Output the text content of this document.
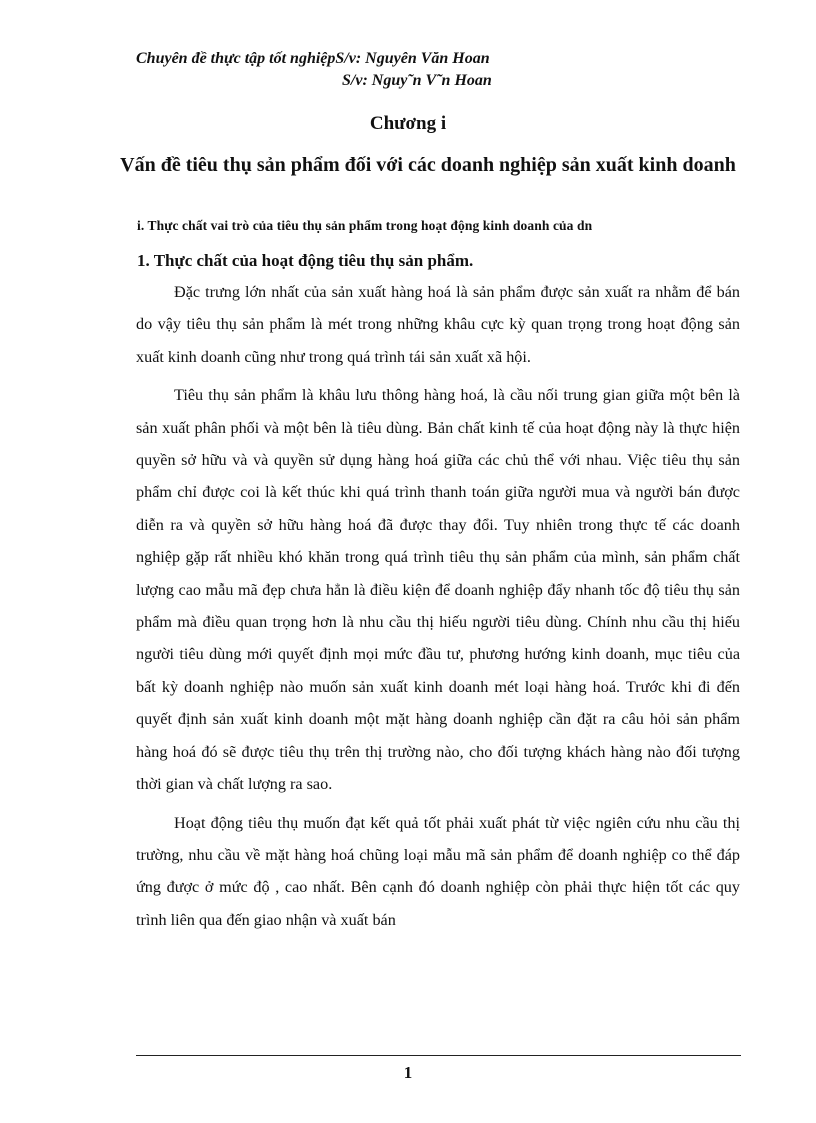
Chuyên đề thực tập tốt nghiệpS/v: Nguyên Văn Hoan
S/v: Nguy˜n V˜n Hoan
Chương i
Vấn đề tiêu thụ sản phẩm đối với các doanh nghiệp sản xuất kinh doanh
i. Thực chất vai trò của tiêu thụ sản phẩm trong hoạt động kinh doanh của dn
1. Thực chất của hoạt động tiêu thụ sản phẩm.

Đặc trưng lớn nhất của sản xuất hàng hoá là sản phẩm được sản xuất ra nhằm để bán do vậy tiêu thụ sản phẩm là mét trong những khâu cực kỳ quan trọng trong hoạt động sản xuất kinh doanh cũng như trong quá trình tái sản xuất xã hội.

Tiêu thụ sản phẩm là khâu lưu thông hàng hoá, là cầu nối trung gian giữa một bên là sản xuất phân phối và một bên là tiêu dùng. Bản chất kinh tế của hoạt động này là thực hiện quyền sở hữu và và quyền sử dụng hàng hoá giữa các chủ thể với nhau. Việc tiêu thụ sản phẩm chỉ được coi là kết thúc khi quá trình thanh toán giữa người mua và người bán được diễn ra và quyền sở hữu hàng hoá đã được thay đổi. Tuy nhiên trong thực tế các doanh nghiệp gặp rất nhiều khó khăn trong quá trình tiêu thụ sản phẩm của mình, sản phẩm chất lượng cao mẫu mã đẹp chưa hẳn là điều kiện để doanh nghiệp đẩy nhanh tốc độ tiêu thụ sản phẩm mà điều quan trọng hơn là nhu cầu thị hiếu người tiêu dùng. Chính nhu cầu thị hiếu người tiêu dùng mới quyết định mọi mức đầu tư, phương hướng kinh doanh, mục tiêu của bất kỳ doanh nghiệp nào muốn sản xuất kinh doanh mét loại hàng hoá. Trước khi đi đến quyết định sản xuất kinh doanh một mặt hàng doanh nghiệp cần đặt ra câu hỏi sản phẩm hàng hoá đó sẽ được tiêu thụ trên thị trường nào, cho đối tượng khách hàng nào đối tượng thời gian và chất lượng ra sao.

Hoạt động tiêu thụ muốn đạt kết quả tốt phải xuất phát từ việc ngiên cứu nhu cầu thị trường, nhu cầu về mặt hàng hoá chũng loại mẫu mã sản phẩm để doanh nghiệp co thể đáp ứng được ở mức độ , cao nhất. Bên cạnh đó doanh nghiệp còn phải thực hiện tốt các quy trình liên qua đến giao nhận và xuất bán

1
